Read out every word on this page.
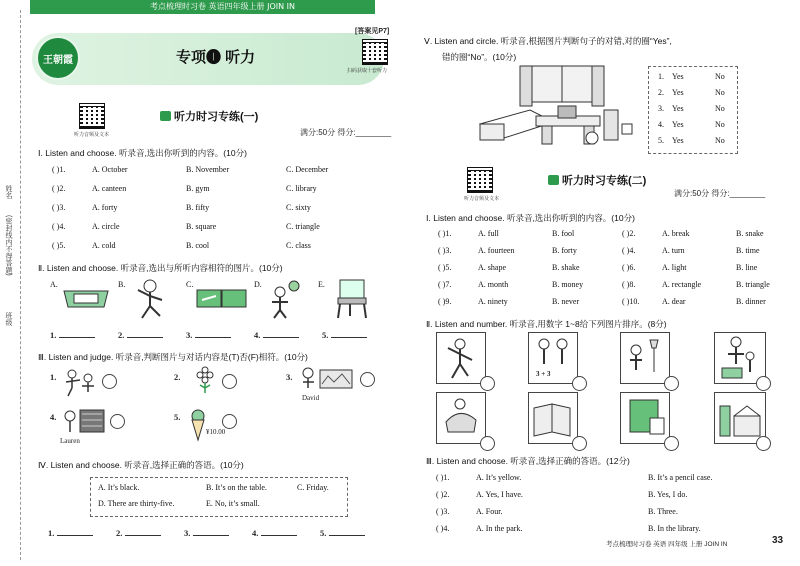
姓名
(密封线内不得答题)
班级
考点梳理时习卷 英语四年级上册 JOIN IN
王朝霞	专项❶ 听力
[答案见P7]
扫码获取十套听力
听力音频及文本
听力时习专练(一)
满分:50分 得分:________
Ⅰ. Listen and choose. 听录音,选出你听到的内容。(10分)
( )1.	A. October	B. November	C. December
( )2.	A. canteen	B. gym	C. library
( )3.	A. forty	B. fifty	C. sixty
( )4.	A. circle	B. square	C. triangle
( )5.	A. cold	B. cool	C. class
Ⅱ. Listen and choose. 听录音,选出与所听内容相符的图片。(10分)
A.	B.	C.	D.	E.
1.	2.	3.	4.	5.
Ⅲ. Listen and judge. 听录音,判断图片与对话内容是(T)否(F)相符。(10分)
1.	2.	3.
David
4.
Lauren
5.
¥10.00
Ⅳ. Listen and choose. 听录音,选择正确的答语。(10分)
A. It’s black.	B. It’s on the table.	C. Friday.
D. There are thirty-five.	E. No, it’s small.
1.	2.	3.	4.	5.
Ⅴ. Listen and circle. 听录音,根据图片判断句子的对错,对的圈“Yes”,
错的圈“No”。(10分)
1. Yes	No
2. Yes	No
3. Yes	No
4. Yes	No
5. Yes	No
听力音频及文本
听力时习专练(二)
满分:50分 得分:________
Ⅰ. Listen and choose. 听录音,选出你听到的内容。(10分)
( )1.	A. full	B. fool	( )2.	A. break	B. snake
( )3.	A. fourteen	B. forty	( )4.	A. turn	B. time
( )5.	A. shape	B. shake	( )6.	A. light	B. line
( )7.	A. month	B. money	( )8.	A. rectangle	B. triangle
( )9.	A. ninety	B. never	( )10.	A. dear	B. dinner
Ⅱ. Listen and number. 听录音,用数字 1~8给下列图片排序。(8分)
3 + 3
Ⅲ. Listen and choose. 听录音,选择正确的答语。(12分)
( )1.	A. It’s yellow.	B. It’s a pencil case.
( )2.	A. Yes, I have.	B. Yes, I do.
( )3.	A. Four.	B. Three.
( )4.	A. In the park.	B. In the library.
考点梳理时习卷 英语 四年级 上册 JOIN IN	33
